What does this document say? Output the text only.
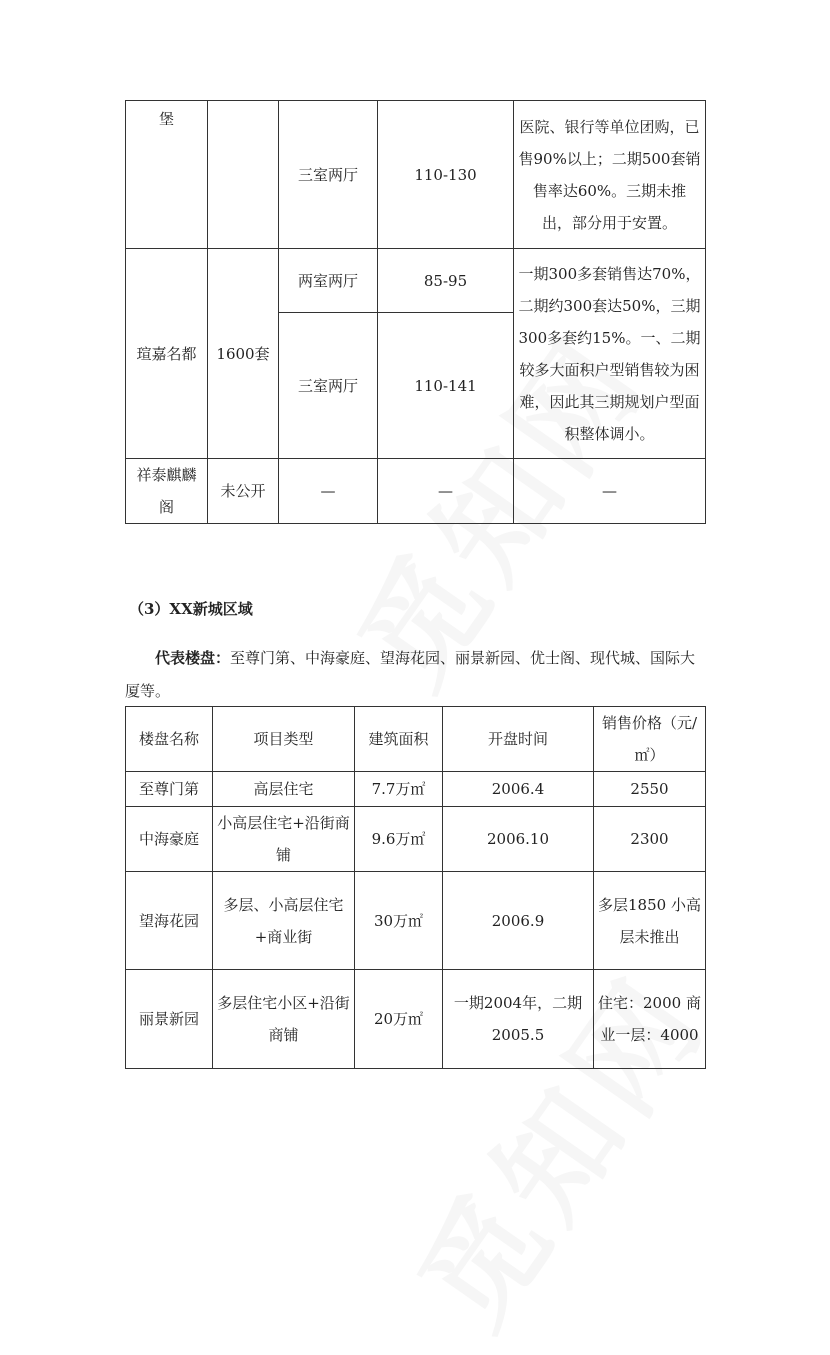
堡		三室两厅	110-130	医院、银行等单位团购，已售90%以上；二期500套销售率达60%。三期未推出，部分用于安置。
瑄嘉名都	1600套	两室两厅	85-95	一期300多套销售达70%，二期约300套达50%，三期300多套约15%。一、二期较多大面积户型销售较为困难，因此其三期规划户型面积整体调小。
		三室两厅	110-141	
祥泰麒麟阁	未公开	—	—	—
（3）XX新城区域
代表楼盘：至尊门第、中海豪庭、望海花园、丽景新园、优士阁、现代城、国际大厦等。
楼盘名称	项目类型	建筑面积	开盘时间	销售价格（元/㎡）
至尊门第	高层住宅	7.7万㎡	2006.4	2550
中海豪庭	小高层住宅+沿街商铺	9.6万㎡	2006.10	2300
望海花园	多层、小高层住宅+商业街	30万㎡	2006.9	多层1850 小高层未推出
丽景新园	多层住宅小区+沿街商铺	20万㎡	一期2004年，二期2005.5	住宅：2000 商业一层：4000
